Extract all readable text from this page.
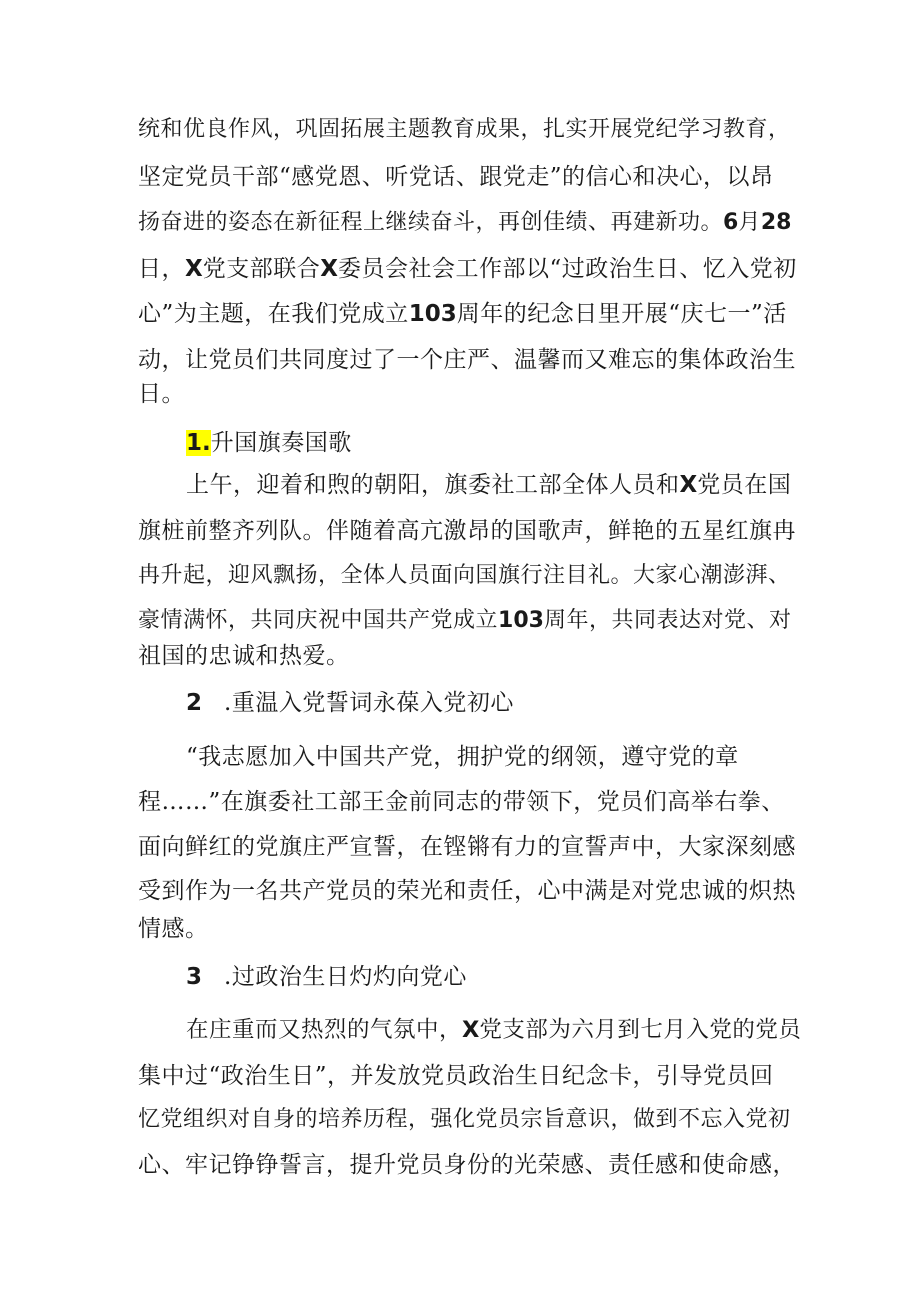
统和优良作风，巩固拓展主题教育成果，扎实开展党纪学习教育，

坚定党员干部“感党恩、听党话、跟党走”的信心和决心，以昂

扬奋进的姿态在新征程上继续奋斗，再创佳绩、再建新功。6月28

日，X党支部联合X委员会社会工作部以“过政治生日、忆入党初

心”为主题，在我们党成立103周年的纪念日里开展“庆七一”活

动，让党员们共同度过了一个庄严、温馨而又难忘的集体政治生

日。

1.升国旗奏国歌

上午，迎着和煦的朝阳，旗委社工部全体人员和X党员在国

旗桩前整齐列队。伴随着高亢激昂的国歌声，鲜艳的五星红旗冉

冉升起，迎风飘扬，全体人员面向国旗行注目礼。大家心潮澎湃、

豪情满怀，共同庆祝中国共产党成立103周年，共同表达对党、对

祖国的忠诚和热爱。

2 .重温入党誓词永葆入党初心

“我志愿加入中国共产党，拥护党的纲领，遵守党的章

程……”在旗委社工部王金前同志的带领下，党员们高举右拳、

面向鲜红的党旗庄严宣誓，在铿锵有力的宣誓声中，大家深刻感

受到作为一名共产党员的荣光和责任，心中满是对党忠诚的炽热

情感。

3 .过政治生日灼灼向党心

在庄重而又热烈的气氛中，X党支部为六月到七月入党的党员

集中过“政治生日”，并发放党员政治生日纪念卡，引导党员回

忆党组织对自身的培养历程，强化党员宗旨意识，做到不忘入党初

心、牢记铮铮誓言，提升党员身份的光荣感、责任感和使命感，
